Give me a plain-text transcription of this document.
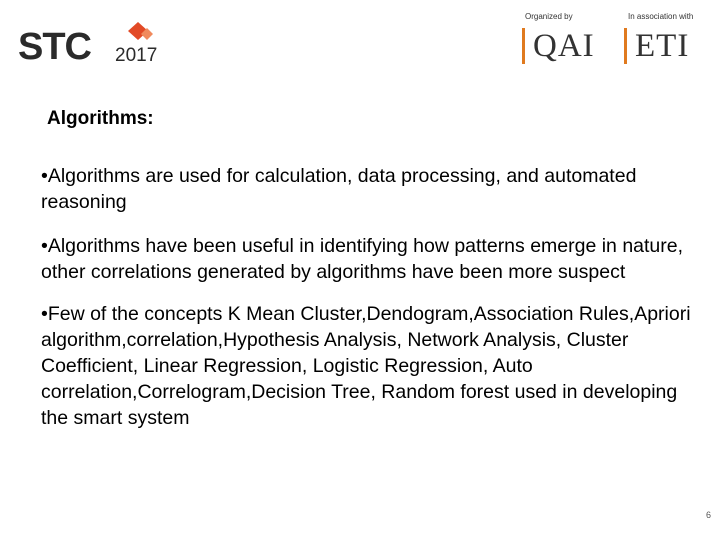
STC 2017
Organized by	In association with
QAI ETI
Algorithms:
•Algorithms are used for calculation, data processing, and automated reasoning
•Algorithms have been useful in identifying how patterns emerge in nature, other correlations generated by algorithms have been more suspect
•Few of the concepts K Mean Cluster,Dendogram,Association Rules,Apriori algorithm,correlation,Hypothesis Analysis, Network Analysis, Cluster Coefficient, Linear Regression, Logistic Regression, Auto correlation,Correlogram,Decision Tree, Random forest used in developing the smart system
6
